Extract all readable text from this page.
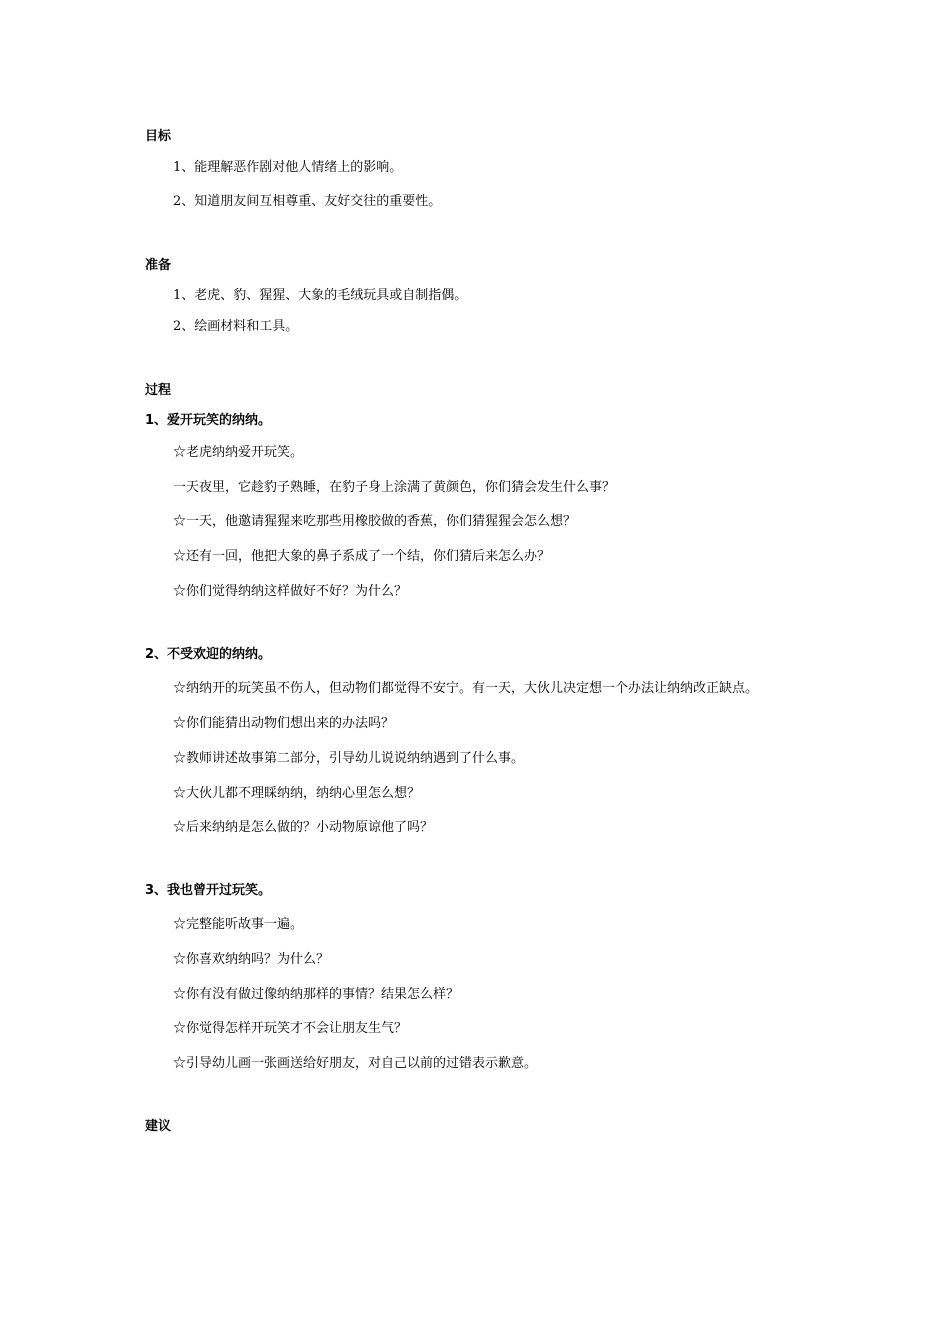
目标
1、能理解恶作剧对他人情绪上的影响。
2、知道朋友间互相尊重、友好交往的重要性。
准备
1、老虎、豹、猩猩、大象的毛绒玩具或自制指偶。
2、绘画材料和工具。
过程
1、爱开玩笑的纳纳。
☆老虎纳纳爱开玩笑。
一天夜里，它趁豹子熟睡，在豹子身上涂满了黄颜色，你们猜会发生什么事？
☆一天，他邀请猩猩来吃那些用橡胶做的香蕉，你们猜猩猩会怎么想？
☆还有一回，他把大象的鼻子系成了一个结，你们猜后来怎么办？
☆你们觉得纳纳这样做好不好？为什么？
2、不受欢迎的纳纳。
☆纳纳开的玩笑虽不伤人，但动物们都觉得不安宁。有一天，大伙儿决定想一个办法让纳纳改正缺点。
☆你们能猜出动物们想出来的办法吗？
☆教师讲述故事第二部分，引导幼儿说说纳纳遇到了什么事。
☆大伙儿都不理睬纳纳，纳纳心里怎么想？
☆后来纳纳是怎么做的？小动物原谅他了吗？
3、我也曾开过玩笑。
☆完整能听故事一遍。
☆你喜欢纳纳吗？为什么？
☆你有没有做过像纳纳那样的事情？结果怎么样？
☆你觉得怎样开玩笑才不会让朋友生气？
☆引导幼儿画一张画送给好朋友，对自己以前的过错表示歉意。
建议
